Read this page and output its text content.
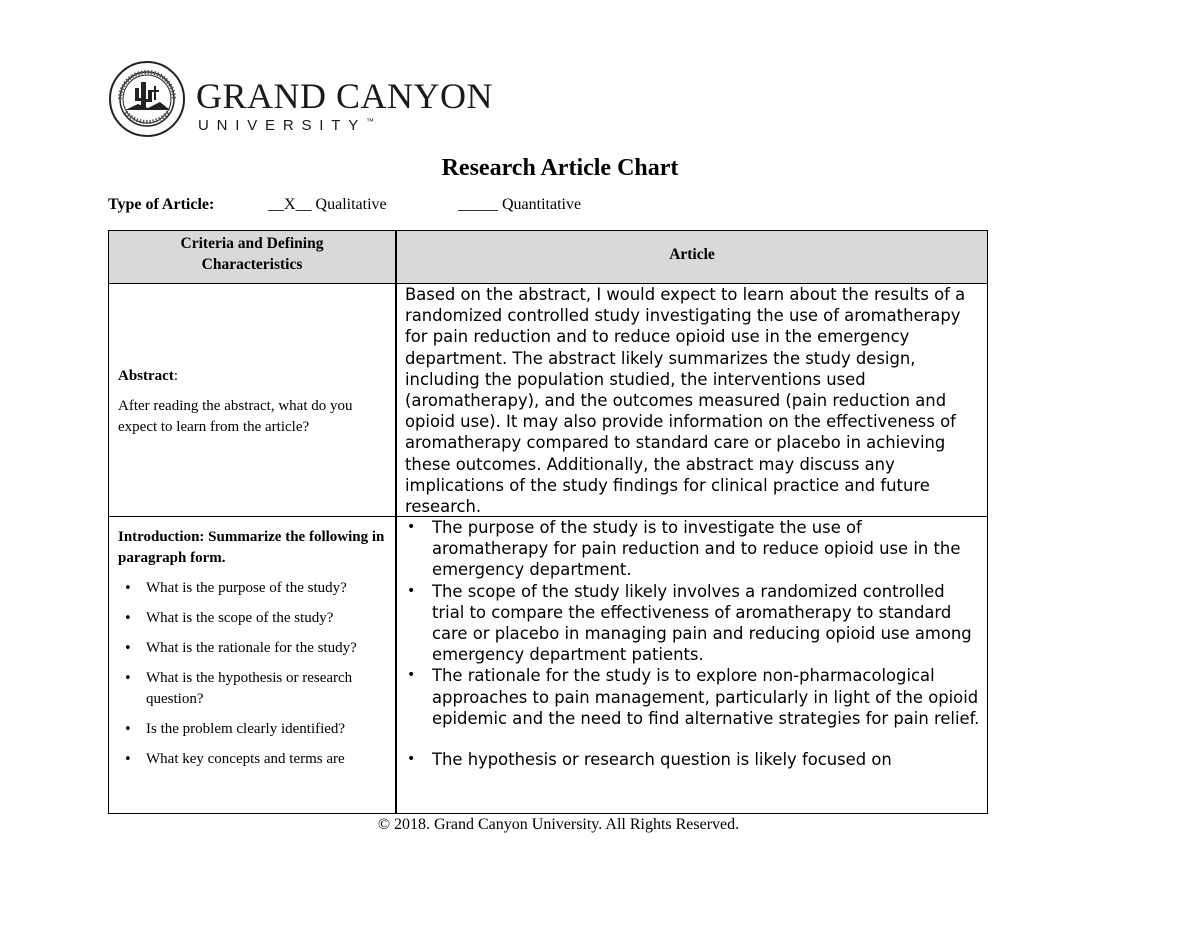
GRAND CANYON
UNIVERSITY™
Research Article Chart
Type of Article:	__X__ Qualitative	_____ Quantitative
Criteria and Defining Characteristics
Article

Abstract:

After reading the abstract, what do you expect to learn from the article?

Based on the abstract, I would expect to learn about the results of a randomized controlled study investigating the use of aromatherapy for pain reduction and to reduce opioid use in the emergency department. The abstract likely summarizes the study design, including the population studied, the interventions used (aromatherapy), and the outcomes measured (pain reduction and opioid use). It may also provide information on the effectiveness of aromatherapy compared to standard care or placebo in achieving these outcomes. Additionally, the abstract may discuss any implications of the study findings for clinical practice and future research.

Introduction: Summarize the following in paragraph form.

• What is the purpose of the study?
• What is the scope of the study?
• What is the rationale for the study?
• What is the hypothesis or research question?
• Is the problem clearly identified?
• What key concepts and terms are
• The purpose of the study is to investigate the use of aromatherapy for pain reduction and to reduce opioid use in the emergency department.
• The scope of the study likely involves a randomized controlled trial to compare the effectiveness of aromatherapy to standard care or placebo in managing pain and reducing opioid use among emergency department patients.
• The rationale for the study is to explore non-pharmacological approaches to pain management, particularly in light of the opioid epidemic and the need to find alternative strategies for pain relief.
• The hypothesis or research question is likely focused on
© 2018. Grand Canyon University. All Rights Reserved.
